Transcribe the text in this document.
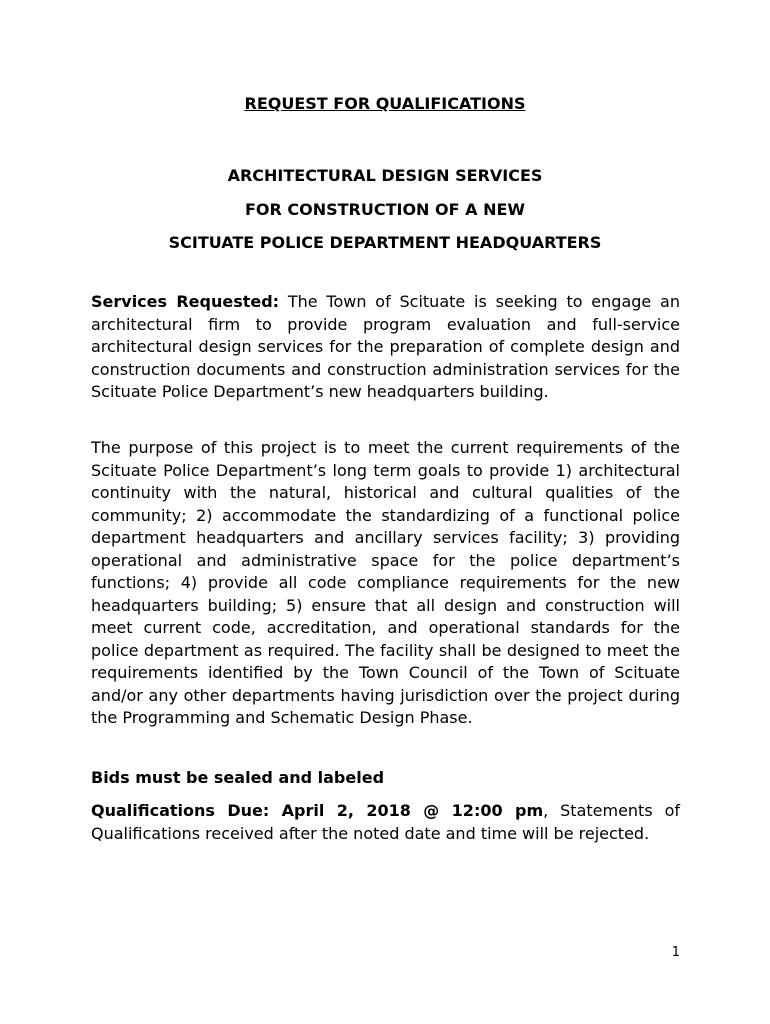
REQUEST FOR QUALIFICATIONS

ARCHITECTURAL DESIGN SERVICES
FOR CONSTRUCTION OF A NEW
SCITUATE POLICE DEPARTMENT HEADQUARTERS

Services Requested: The Town of Scituate is seeking to engage an architectural firm to provide program evaluation and full-service architectural design services for the preparation of complete design and construction documents and construction administration services for the Scituate Police Department’s new headquarters building.

The purpose of this project is to meet the current requirements of the Scituate Police Department’s long term goals to provide 1) architectural continuity with the natural, historical and cultural qualities of the community; 2) accommodate the standardizing of a functional police department headquarters and ancillary services facility; 3) providing operational and administrative space for the police department’s functions; 4) provide all code compliance requirements for the new headquarters building; 5) ensure that all design and construction will meet current code, accreditation, and operational standards for the police department as required. The facility shall be designed to meet the requirements identified by the Town Council of the Town of Scituate and/or any other departments having jurisdiction over the project during the Programming and Schematic Design Phase.

Bids must be sealed and labeled

Qualifications Due: April 2, 2018 @ 12:00 pm, Statements of Qualifications received after the noted date and time will be rejected.

1
